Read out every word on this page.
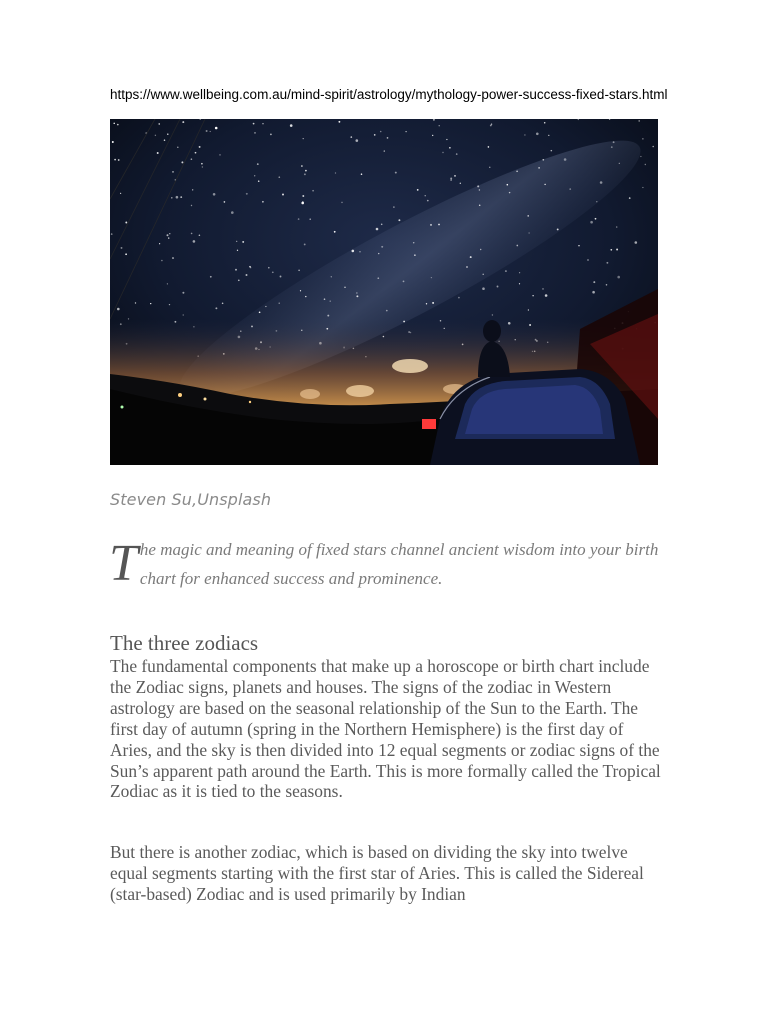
https://www.wellbeing.com.au/mind-spirit/astrology/mythology-power-success-fixed-stars.html
Steven Su,Unsplash
T he magic and meaning of fixed stars channel ancient wisdom into your birth chart for enhanced success and prominence.
The three zodiacs

The fundamental components that make up a horoscope or birth chart include the Zodiac signs, planets and houses. The signs of the zodiac in Western astrology are based on the seasonal relationship of the Sun to the Earth. The first day of autumn (spring in the Northern Hemisphere) is the first day of Aries, and the sky is then divided into 12 equal segments or zodiac signs of the Sun’s apparent path around the Earth. This is more formally called the Tropical Zodiac as it is tied to the seasons.

But there is another zodiac, which is based on dividing the sky into twelve equal segments starting with the first star of Aries. This is called the Sidereal (star-based) Zodiac and is used primarily by Indian
